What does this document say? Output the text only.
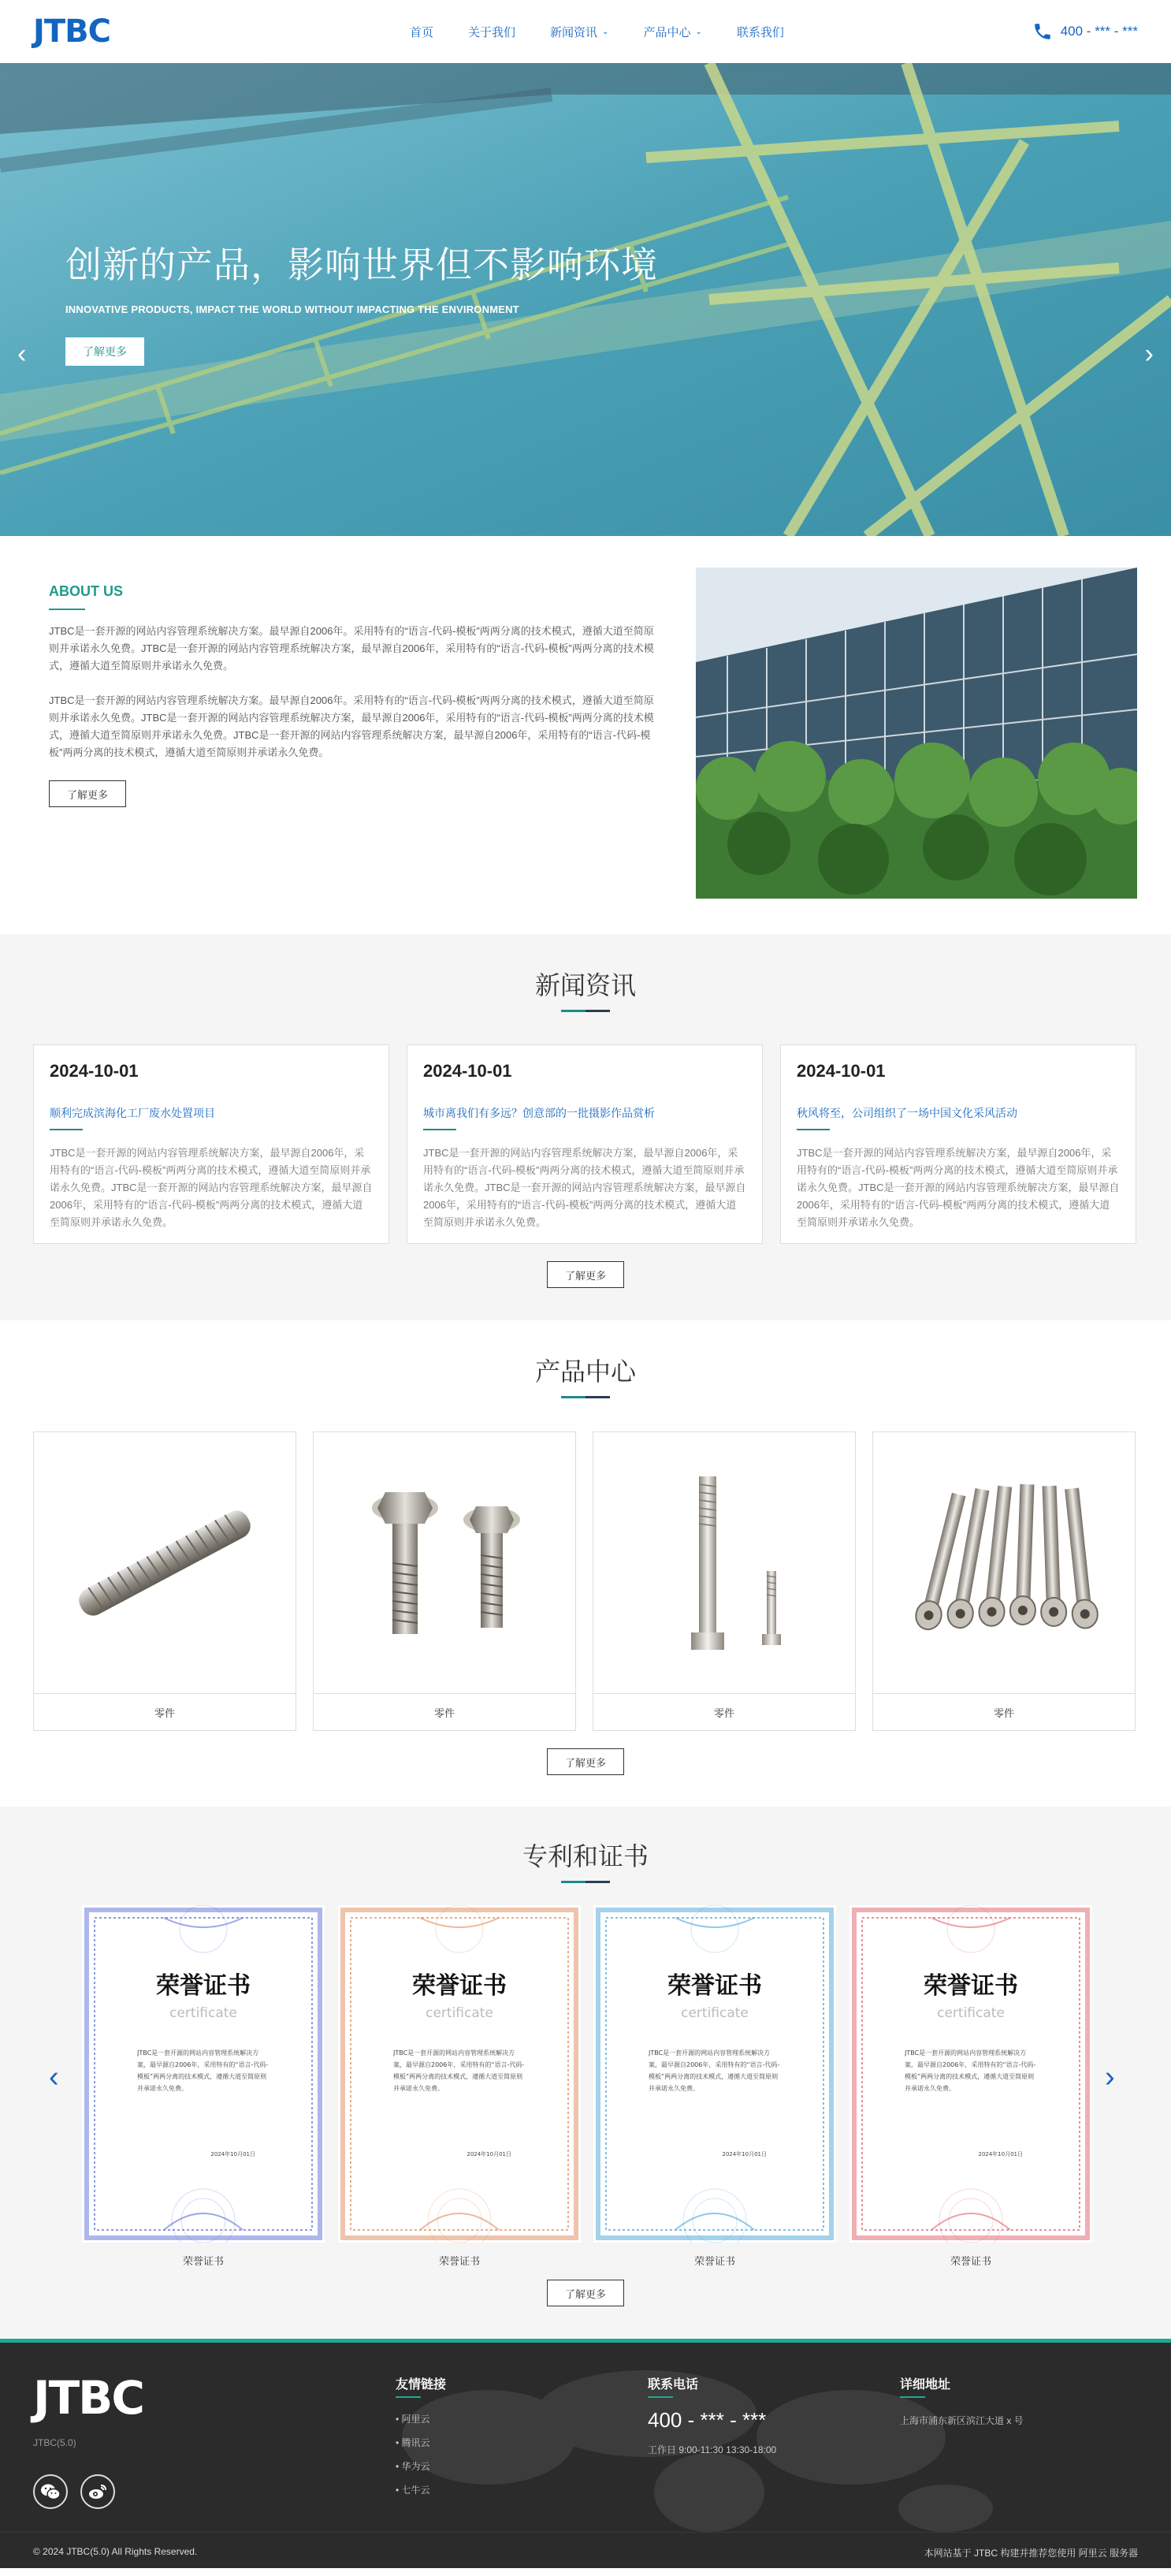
JTBC	首页	关于我们	新闻资讯 ⌄	产品中心 ⌄	联系我们	400 - *** - ***
创新的产品，影响世界但不影响环境
INNOVATIVE PRODUCTS, IMPACT THE WORLD WITHOUT IMPACTING THE ENVIRONMENT
了解更多
‹	›
ABOUT US

JTBC是一套开源的网站内容管理系统解决方案。最早源自2006年。采用特有的“语言-代码-模板”两两分离的技术模式，遵循大道至简原则并承诺永久免费。JTBC是一套开源的网站内容管理系统解决方案，最早源自2006年，采用特有的“语言-代码-模板”两两分离的技术模式，遵循大道至简原则并承诺永久免费。

JTBC是一套开源的网站内容管理系统解决方案。最早源自2006年。采用特有的“语言-代码-模板”两两分离的技术模式，遵循大道至简原则并承诺永久免费。JTBC是一套开源的网站内容管理系统解决方案，最早源自2006年，采用特有的“语言-代码-模板”两两分离的技术模式，遵循大道至简原则并承诺永久免费。JTBC是一套开源的网站内容管理系统解决方案，最早源自2006年，采用特有的“语言-代码-模板”两两分离的技术模式，遵循大道至简原则并承诺永久免费。

了解更多
新闻资讯
2024-10-01
顺利完成滨海化工厂废水处置项目
JTBC是一套开源的网站内容管理系统解决方案，最早源自2006年，采用特有的“语言-代码-模板”两两分离的技术模式，遵循大道至简原则并承诺永久免费。JTBC是一套开源的网站内容管理系统解决方案，最早源自2006年，采用特有的“语言-代码-模板”两两分离的技术模式，遵循大道至简原则并承诺永久免费。
2024-10-01
城市离我们有多远？创意部的一批摄影作品赏析
JTBC是一套开源的网站内容管理系统解决方案，最早源自2006年，采用特有的“语言-代码-模板”两两分离的技术模式，遵循大道至简原则并承诺永久免费。JTBC是一套开源的网站内容管理系统解决方案，最早源自2006年，采用特有的“语言-代码-模板”两两分离的技术模式，遵循大道至简原则并承诺永久免费。
2024-10-01
秋风将至，公司组织了一场中国文化采风活动
JTBC是一套开源的网站内容管理系统解决方案，最早源自2006年，采用特有的“语言-代码-模板”两两分离的技术模式，遵循大道至简原则并承诺永久免费。JTBC是一套开源的网站内容管理系统解决方案，最早源自2006年，采用特有的“语言-代码-模板”两两分离的技术模式，遵循大道至简原则并承诺永久免费。
了解更多
产品中心
零件	零件	零件	零件
了解更多
专利和证书
‹	›
荣誉证书
certificate
JTBC是一套开源的网站内容管理系统解决方案，最早源自2006年，采用特有的“语言-代码-模板”两两分离的技术模式，遵循大道至简原则并承诺永久免费。
2024年10月01日
荣誉证书
荣誉证书
certificate
JTBC是一套开源的网站内容管理系统解决方案，最早源自2006年，采用特有的“语言-代码-模板”两两分离的技术模式，遵循大道至简原则并承诺永久免费。
2024年10月01日
荣誉证书
荣誉证书
certificate
JTBC是一套开源的网站内容管理系统解决方案，最早源自2006年，采用特有的“语言-代码-模板”两两分离的技术模式，遵循大道至简原则并承诺永久免费。
2024年10月01日
荣誉证书
荣誉证书
certificate
JTBC是一套开源的网站内容管理系统解决方案，最早源自2006年，采用特有的“语言-代码-模板”两两分离的技术模式，遵循大道至简原则并承诺永久免费。
2024年10月01日
荣誉证书
了解更多
JTBC
JTBC(5.0)
友情链接
• 阿里云
• 腾讯云
• 华为云
• 七牛云
联系电话
400 - *** - ***
工作日 9:00-11:30 13:30-18:00
详细地址
上海市浦东新区滨江大道 x 号
© 2024 JTBC(5.0) All Rights Reserved.	本网站基于 JTBC 构建并推荐您使用 阿里云 服务器
